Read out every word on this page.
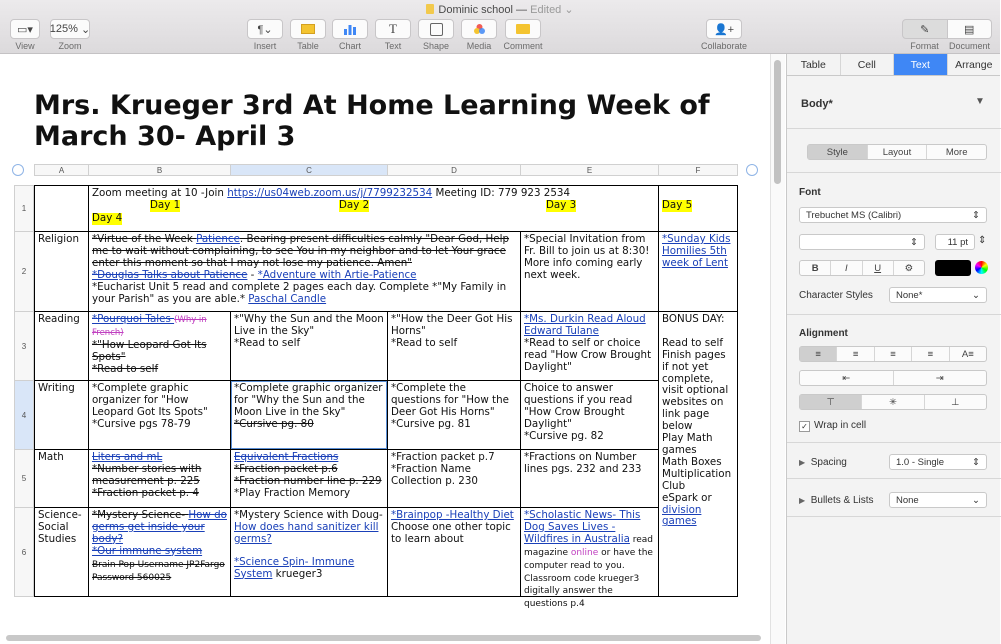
Dominic school — Edited ⌄
▭▾
View
125% ⌄
Zoom
¶⌄
Insert	Table	Chart
T
Text	Shape	Media	Comment
👤+
Collaborate
✎	▤
Format	Document
Mrs. Krueger 3rd At Home Learning Week of March 30- April 3
A	B	C	D	E	F
1
2
3
4
5
6

Zoom meeting at 10 -Join https://us04web.zoom.us/j/7799232534 Meeting ID: 779 923 2534

Day 1	Day 2	Day 3
Day 4
Day 5
Religion	*Virtue of the Week Patience. Bearing present difficulties calmly "Dear God, Help me to wait without complaining, to see You in my neighbor and to let Your grace enter this moment so that I may not lose my patience. Amen"

*Douglas Talks about Patience - *Adventure with Artie-Patience

*Eucharist Unit 5 read and complete 2 pages each day. Complete *"My Family in your Parish" as you are able.* Paschal Candle

*Special Invitation from Fr. Bill to join us at 8:30! More info coming early next week.
*Sunday Kids Homilies 5th week of Lent
Reading	*Pourquoi Tales (Why in French)

*"How Leopard Got Its Spots"

*Read to self

*"Why the Sun and the Moon Live in the Sky"
*Read to self
*"How the Deer Got His Horns"
*Read to self

*Ms. Durkin Read Aloud Edward Tulane

*Read to self or choice read "How Crow Brought Daylight"

BONUS DAY:

Read to self
Finish pages if not yet complete,
visit optional websites on link page below
Play Math games
Math Boxes
Multiplication Club
eSpark or division games
Writing	*Complete graphic organizer for "How Leopard Got Its Spots"
*Cursive pgs 78-79

*Complete graphic organizer for "Why the Sun and the Moon Live in the Sky"

*Cursive pg. 80

*Complete the questions for "How the Deer Got His Horns"
*Cursive pg. 81
Choice to answer questions if you read "How Crow Brought Daylight"
*Cursive pg. 82
Math	Liters and mL

*Number stories with measurement p. 225
*Fraction packet p. 4

Equivalent Fractions

*Fraction packet p.6
*Fraction number line p. 229

*Play Fraction Memory

*Fraction packet p.7
*Fraction Name Collection p. 230
*Fractions on Number lines pgs. 232 and 233
Science-
Social
Studies

*Mystery Science- How do germs get inside your body?

*Our immune system Brain Pop Username JP2Fargo Password 560025

*Mystery Science with Doug- How does hand sanitizer kill germs?

*Science Spin- Immune System krueger3

*Brainpop -Healthy Diet

Choose one other topic to learn about

*Scholastic News- This Dog Saves Lives -Wildfires in Australia read magazine online or have the computer read to you. Classroom code krueger3 digitally answer the questions p.4

Table	Cell	Text	Arrange
Body*	▼
Style	Layout	More
Font
Trebuchet MS (Calibri)	⇕
⇕	11 pt ⇕
B	I	U	⚙
Character Styles None*	⌄
Alignment
≡	≡	≡	≡	A≡
⇤	⇥
⊤	✳	⊥
✓ Wrap in cell
▶ Spacing	1.0 - Single	⇕
▶ Bullets & Lists None	⌄
